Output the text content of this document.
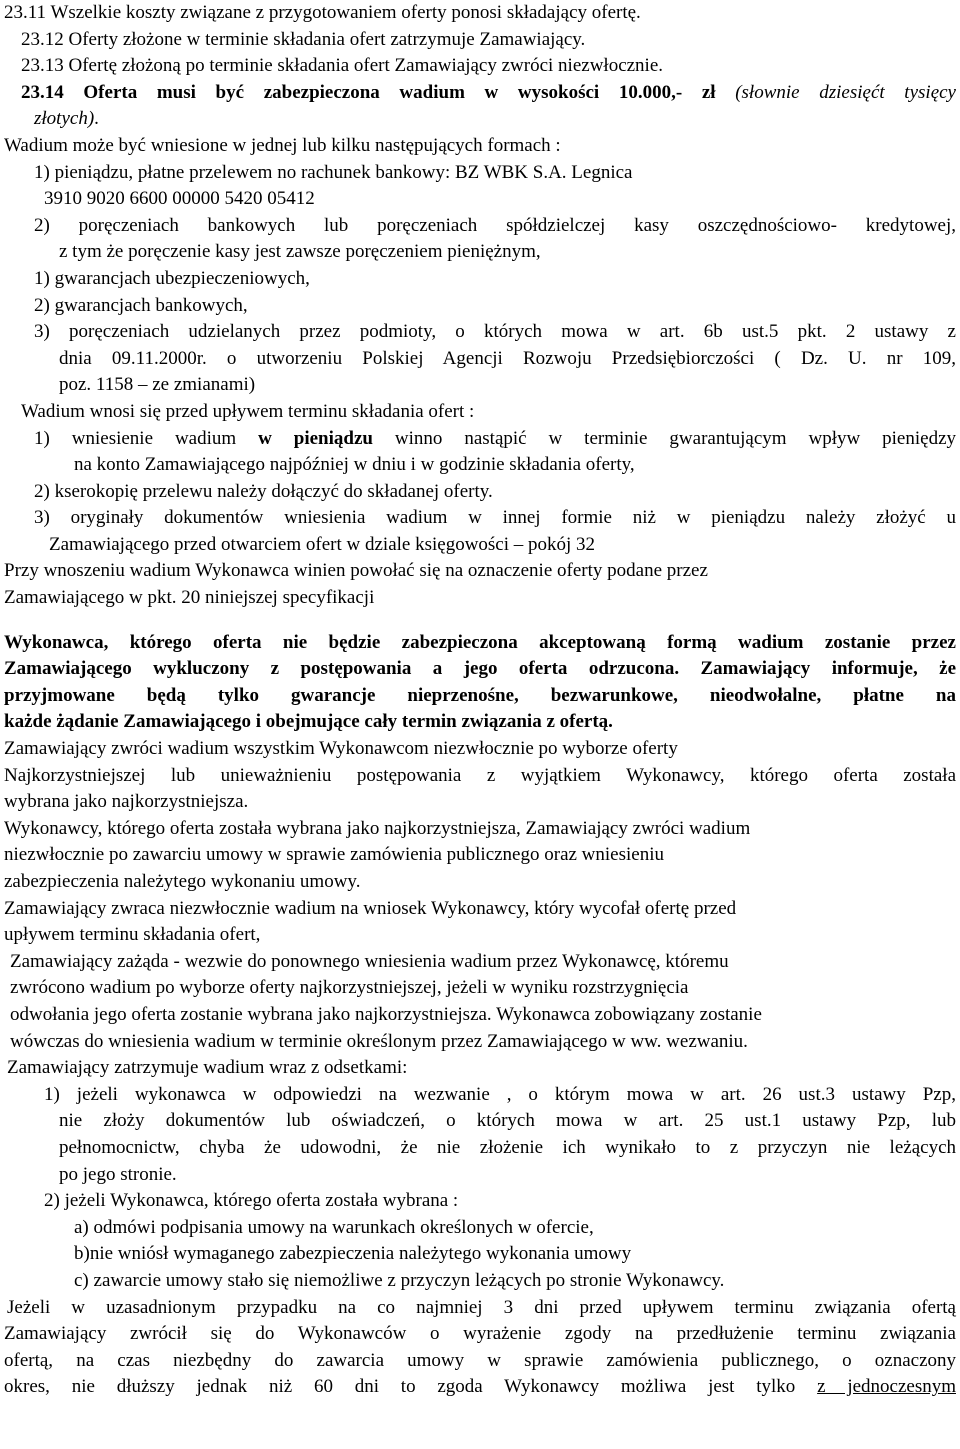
23.11 Wszelkie koszty związane z przygotowaniem oferty ponosi składający ofertę.

23.12 Oferty złożone w terminie składania ofert zatrzymuje Zamawiający.

23.13 Ofertę złożoną po terminie składania ofert Zamawiający zwróci niezwłocznie.

23.14 Oferta musi być zabezpieczona wadium w wysokości 10.000,- zł (słownie dziesięćt tysięcy

złotych).

Wadium może być wniesione w jednej lub kilku następujących formach :

1) pieniądzu, płatne przelewem no rachunek bankowy: BZ WBK S.A. Legnica

3910 9020 6600 00000 5420 05412

2) poręczeniach bankowych lub poręczeniach spółdzielczej kasy oszczędnościowo- kredytowej,

z tym że poręczenie kasy jest zawsze poręczeniem pieniężnym,

1) gwarancjach ubezpieczeniowych,

2) gwarancjach bankowych,

3) poręczeniach udzielanych przez podmioty, o których mowa w art. 6b ust.5 pkt. 2 ustawy z

dnia 09.11.2000r. o utworzeniu Polskiej Agencji Rozwoju Przedsiębiorczości ( Dz. U. nr 109,

poz. 1158 – ze zmianami)

Wadium wnosi się przed upływem terminu składania ofert :

1) wniesienie wadium w pieniądzu winno nastąpić w terminie gwarantującym wpływ pieniędzy

na konto Zamawiającego najpóźniej w dniu i w godzinie składania oferty,

2) kserokopię przelewu należy dołączyć do składanej oferty.

3) oryginały dokumentów wniesienia wadium w innej formie niż w pieniądzu należy złożyć u

Zamawiającego przed otwarciem ofert w dziale księgowości – pokój 32

Przy wnoszeniu wadium Wykonawca winien powołać się na oznaczenie oferty podane przez

Zamawiającego w pkt. 20 niniejszej specyfikacji

Wykonawca, którego oferta nie będzie zabezpieczona akceptowaną formą wadium zostanie przez

Zamawiającego wykluczony z postępowania a jego oferta odrzucona. Zamawiający informuje, że

przyjmowane będą tylko gwarancje nieprzenośne, bezwarunkowe, nieodwołalne, płatne na

każde żądanie Zamawiającego i obejmujące cały termin związania z ofertą.

Zamawiający zwróci wadium wszystkim Wykonawcom niezwłocznie po wyborze oferty

Najkorzystniejszej lub unieważnieniu postępowania z wyjątkiem Wykonawcy, którego oferta została

wybrana jako najkorzystniejsza.

Wykonawcy, którego oferta została wybrana jako najkorzystniejsza, Zamawiający zwróci wadium

niezwłocznie po zawarciu umowy w sprawie zamówienia publicznego oraz wniesieniu

zabezpieczenia należytego wykonaniu umowy.

Zamawiający zwraca niezwłocznie wadium na wniosek Wykonawcy, który wycofał ofertę przed

upływem terminu składania ofert,

Zamawiający zażąda - wezwie do ponownego wniesienia wadium przez Wykonawcę, któremu

zwrócono wadium po wyborze oferty najkorzystniejszej, jeżeli w wyniku rozstrzygnięcia

odwołania jego oferta zostanie wybrana jako najkorzystniejsza. Wykonawca zobowiązany zostanie

wówczas do wniesienia wadium w terminie określonym przez Zamawiającego w ww. wezwaniu.

Zamawiający zatrzymuje wadium wraz z odsetkami:

1) jeżeli wykonawca w odpowiedzi na wezwanie , o którym mowa w art. 26 ust.3 ustawy Pzp,

nie złoży dokumentów lub oświadczeń, o których mowa w art. 25 ust.1 ustawy Pzp, lub

pełnomocnictw, chyba że udowodni, że nie złożenie ich wynikało to z przyczyn nie leżących

po jego stronie.

2) jeżeli Wykonawca, którego oferta została wybrana :

a) odmówi podpisania umowy na warunkach określonych w ofercie,

b)nie wniósł wymaganego zabezpieczenia należytego wykonania umowy

c) zawarcie umowy stało się niemożliwe z przyczyn leżących po stronie Wykonawcy.

Jeżeli w uzasadnionym przypadku na co najmniej 3 dni przed upływem terminu związania ofertą

Zamawiający zwrócił się do Wykonawców o wyrażenie zgody na przedłużenie terminu związania

ofertą, na czas niezbędny do zawarcia umowy w sprawie zamówienia publicznego, o oznaczony

okres, nie dłuższy jednak niż 60 dni to zgoda Wykonawcy możliwa jest tylko z jednoczesnym
